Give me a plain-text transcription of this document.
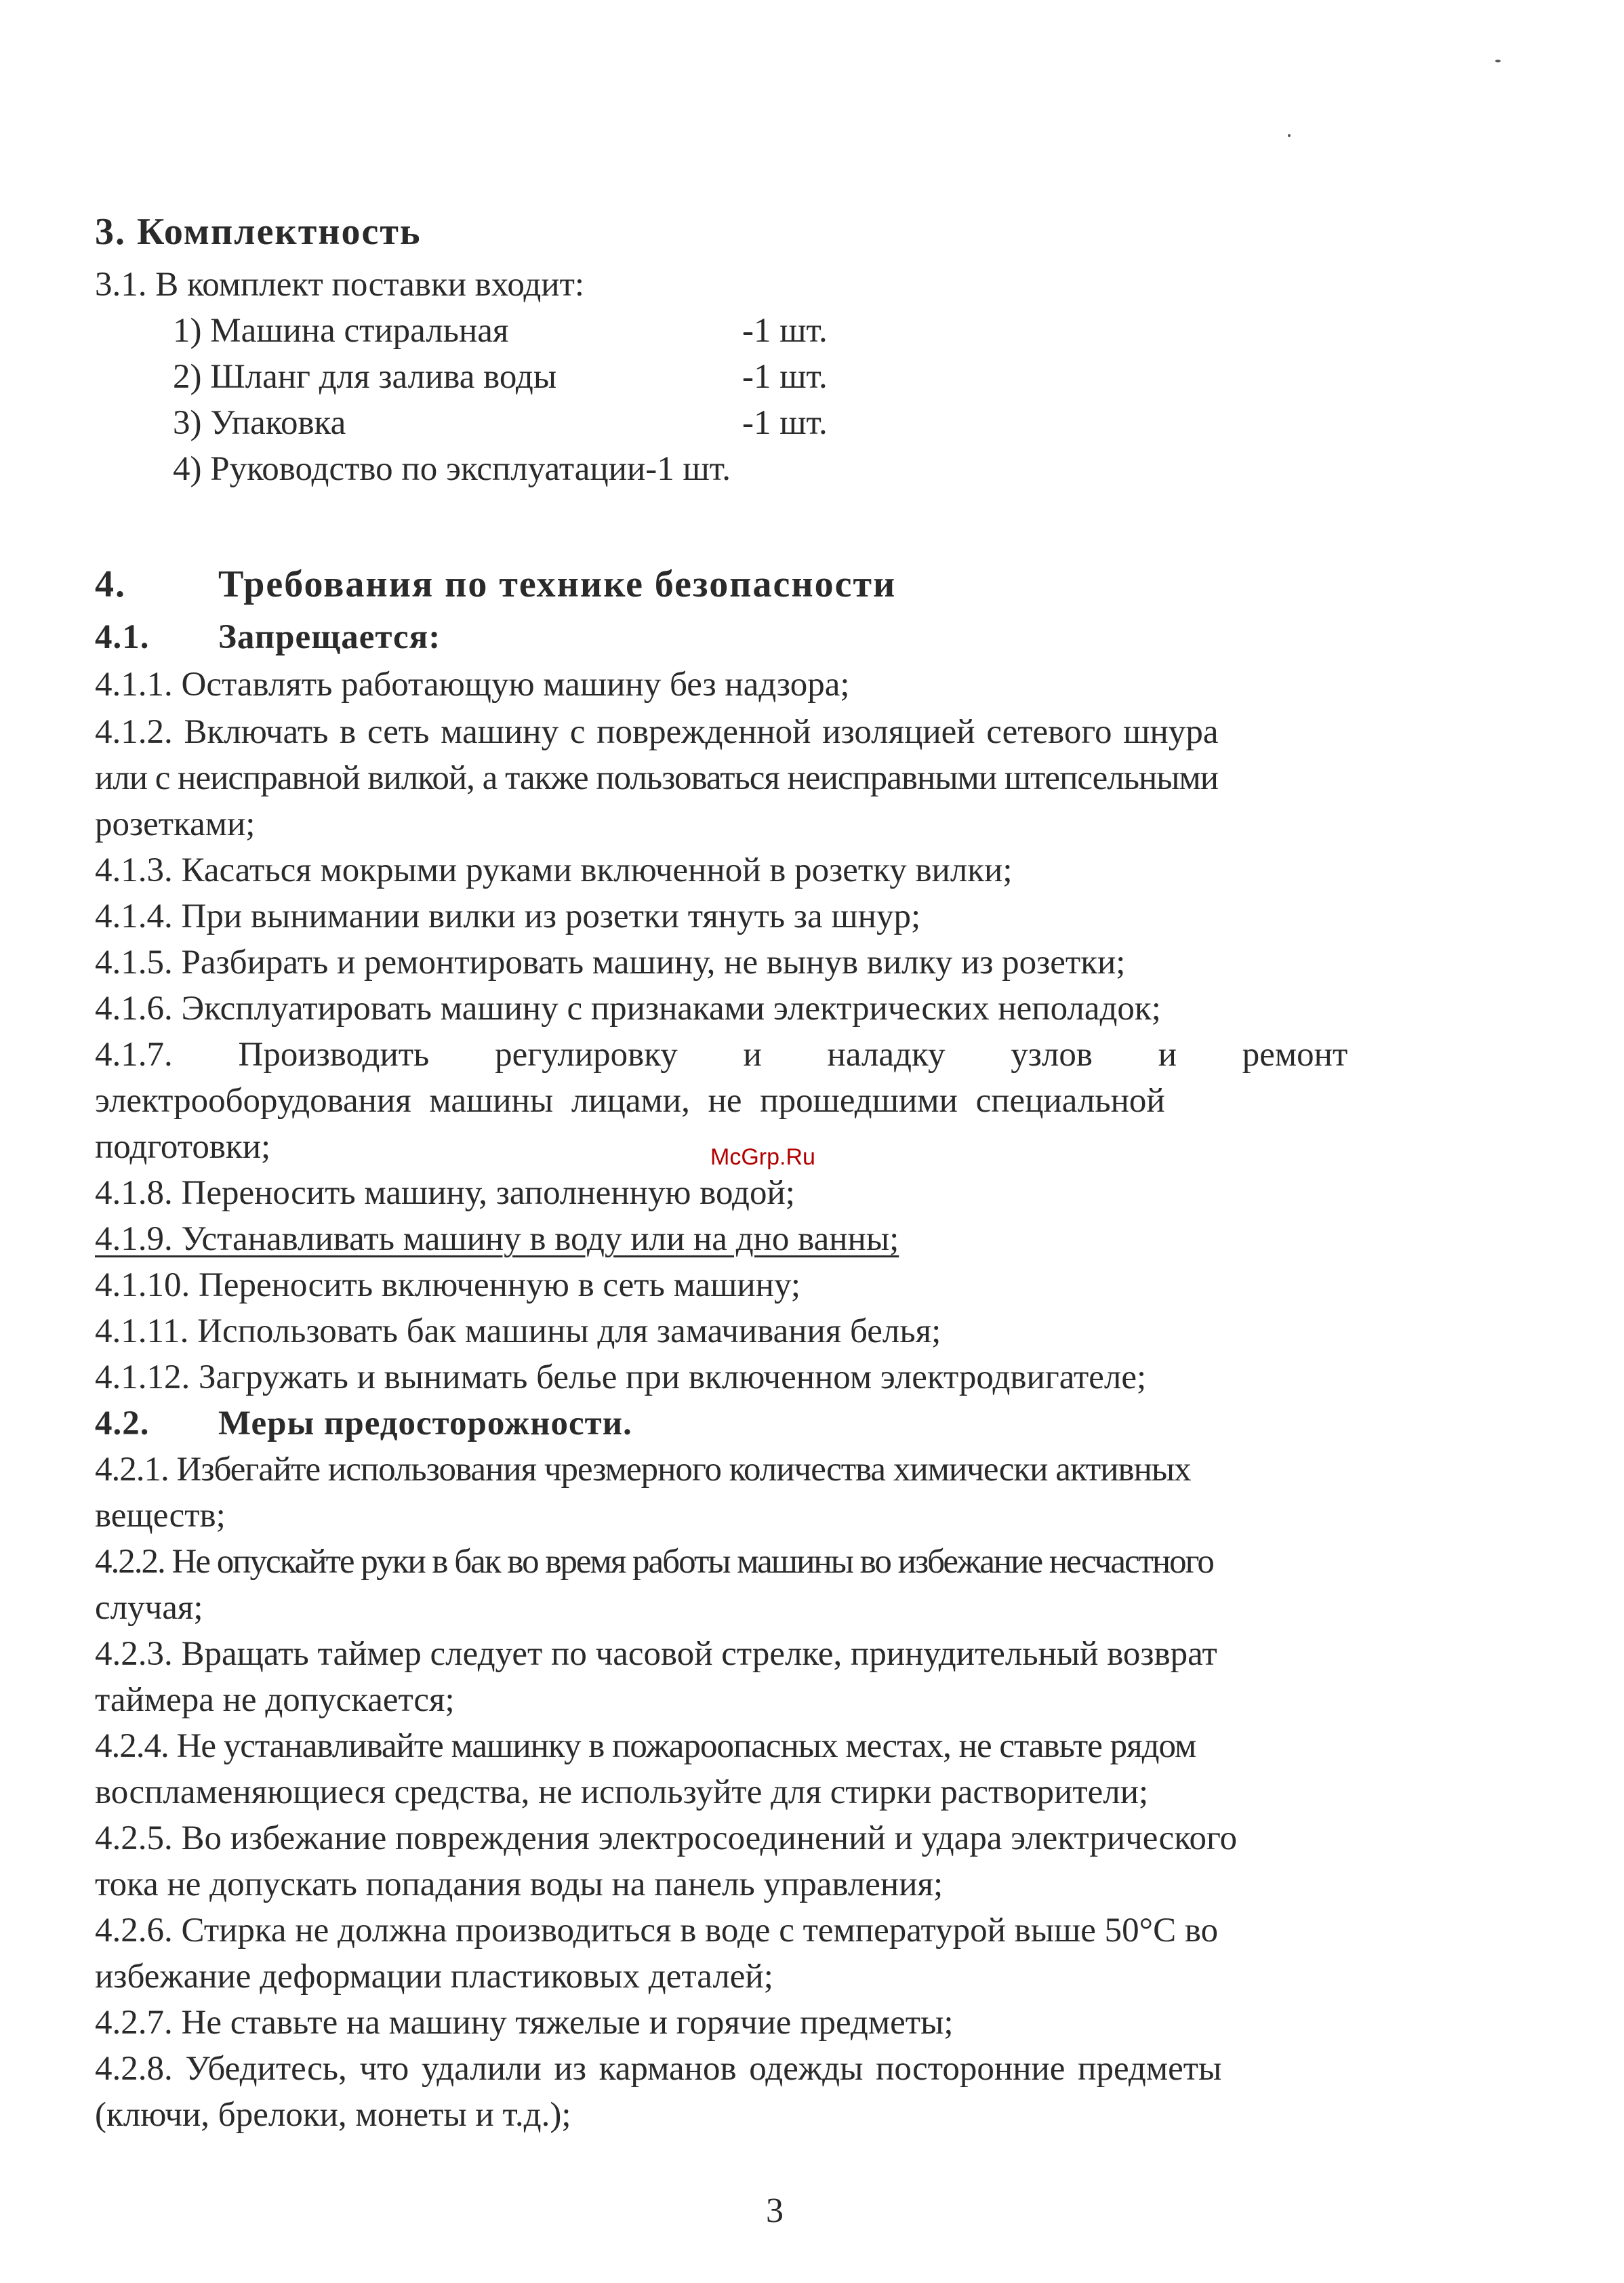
3. Комплектность
3.1. В комплект поставки входит:
1) Машина стиральная	-1 шт.
2) Шланг для залива воды	-1 шт.
3) Упаковка	-1 шт.
4) Руководство по эксплуатации-1 шт.
4. Требования по технике безопасности
4.1. Запрещается:
4.1.1. Оставлять работающую машину без надзора;
4.1.2. Включать в сеть машину с поврежденной изоляцией сетевого шнура
или с неисправной вилкой, а также пользоваться неисправными штепсельными
розетками;
4.1.3. Касаться мокрыми руками включенной в розетку вилки;
4.1.4. При вынимании вилки из розетки тянуть за шнур;
4.1.5. Разбирать и ремонтировать машину, не вынув вилку из розетки;
4.1.6. Эксплуатировать машину с признаками электрических неполадок;
4.1.7. Производить регулировку и наладку узлов и ремонт
электрооборудования машины лицами, не прошедшими специальной
подготовки;
4.1.8. Переносить машину, заполненную водой;
4.1.9. Устанавливать машину в воду или на дно ванны;
4.1.10. Переносить включенную в сеть машину;
4.1.11. Использовать бак машины для замачивания белья;
4.1.12. Загружать и вынимать белье при включенном электродвигателе;
4.2. Меры предосторожности.
4.2.1. Избегайте использования чрезмерного количества химически активных
веществ;
4.2.2. Не опускайте руки в бак во время работы машины во избежание несчастного
случая;
4.2.3. Вращать таймер следует по часовой стрелке, принудительный возврат
таймера не допускается;
4.2.4. Не устанавливайте машинку в пожароопасных местах, не ставьте рядом
воспламеняющиеся средства, не используйте для стирки растворители;
4.2.5. Во избежание повреждения электросоединений и удара электрического
тока не допускать попадания воды на панель управления;
4.2.6. Стирка не должна производиться в воде с температурой выше 50°С во
избежание деформации пластиковых деталей;
4.2.7. Не ставьте на машину тяжелые и горячие предметы;
4.2.8. Убедитесь, что удалили из карманов одежды посторонние предметы
(ключи, брелоки, монеты и т.д.);
McGrp.Ru
3
